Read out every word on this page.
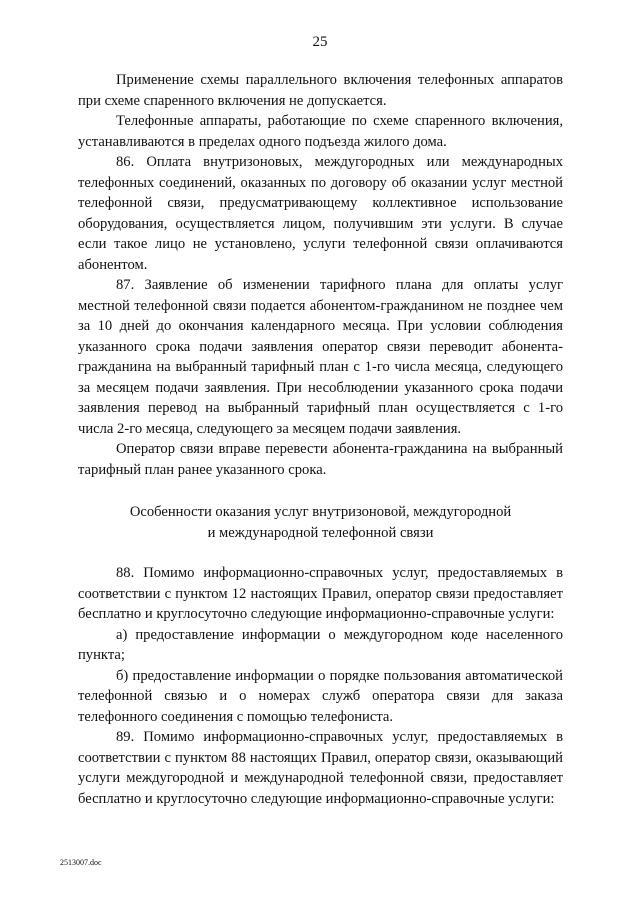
25

Применение схемы параллельного включения телефонных аппаратов при схеме спаренного включения не допускается.

Телефонные аппараты, работающие по схеме спаренного включения, устанавливаются в пределах одного подъезда жилого дома.

86. Оплата внутризоновых, междугородных или международных телефонных соединений, оказанных по договору об оказании услуг местной телефонной связи, предусматривающему коллективное использование оборудования, осуществляется лицом, получившим эти услуги. В случае если такое лицо не установлено, услуги телефонной связи оплачиваются абонентом.

87. Заявление об изменении тарифного плана для оплаты услуг местной телефонной связи подается абонентом-гражданином не позднее чем за 10 дней до окончания календарного месяца. При условии соблюдения указанного срока подачи заявления оператор связи переводит абонента-гражданина на выбранный тарифный план с 1-го числа месяца, следующего за месяцем подачи заявления. При несоблюдении указанного срока подачи заявления перевод на выбранный тарифный план осуществляется с 1-го числа 2-го месяца, следующего за месяцем подачи заявления.

Оператор связи вправе перевести абонента-гражданина на выбранный тарифный план ранее указанного срока.

Особенности оказания услуг внутризоновой, междугородной
и международной телефонной связи

88. Помимо информационно-справочных услуг, предоставляемых в соответствии с пунктом 12 настоящих Правил, оператор связи предоставляет бесплатно и круглосуточно следующие информационно-справочные услуги:

а) предоставление информации о междугородном коде населенного пункта;

б) предоставление информации о порядке пользования автоматической телефонной связью и о номерах служб оператора связи для заказа телефонного соединения с помощью телефониста.

89. Помимо информационно-справочных услуг, предоставляемых в соответствии с пунктом 88 настоящих Правил, оператор связи, оказывающий услуги междугородной и международной телефонной связи, предоставляет бесплатно и круглосуточно следующие информационно-справочные услуги:

2513007.doc
